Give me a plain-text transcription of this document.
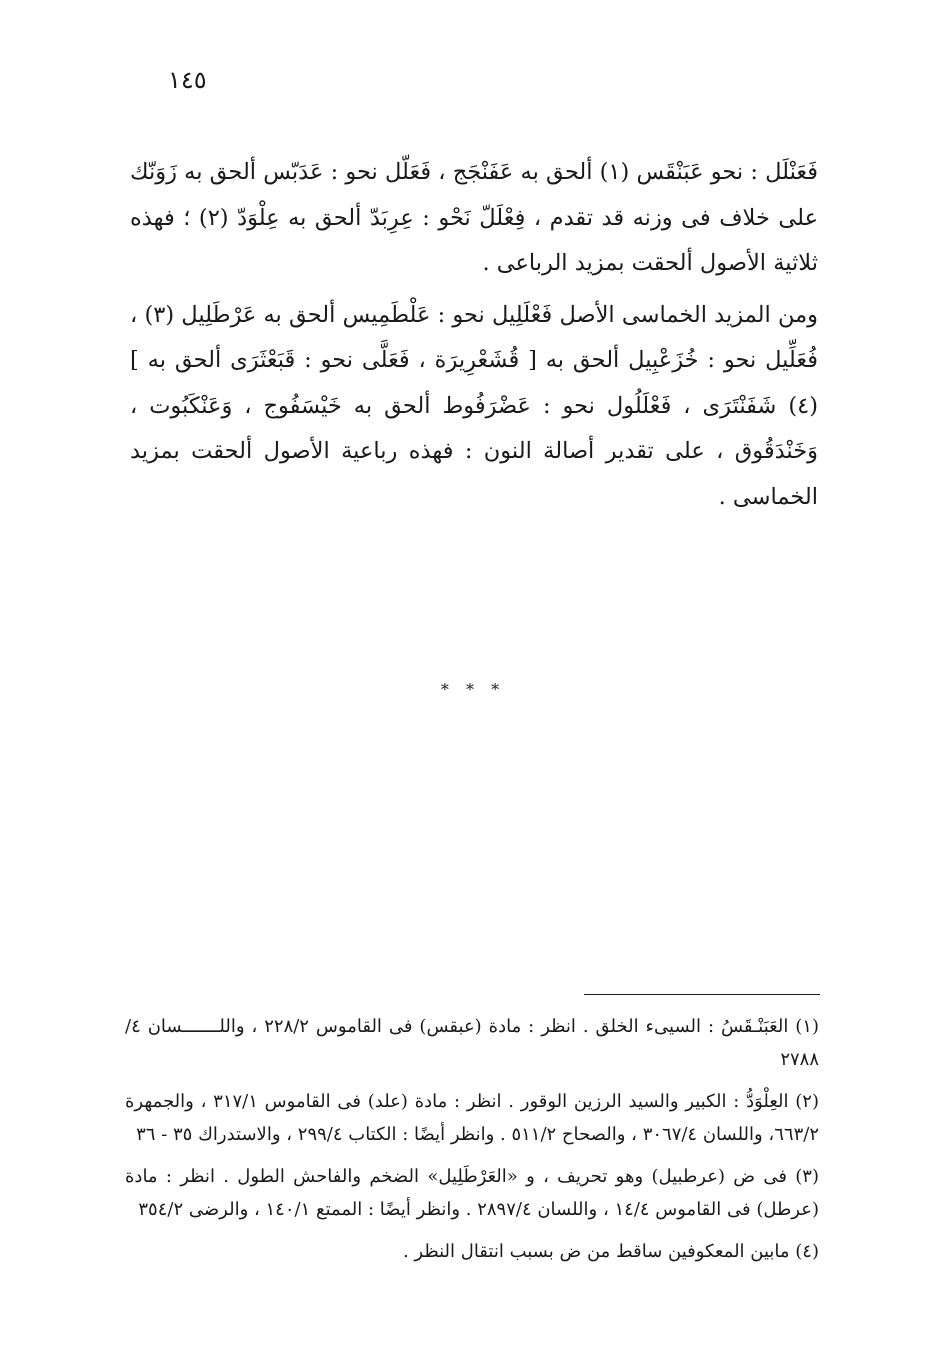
١٤٥

فَعَنْلَل : نحو عَبَنْقَس (١) ألحق به عَفَنْجَج ، فَعَلّل نحو : عَدَبّس ألحق به زَوَنّك على خلاف فى وزنه قد تقدم ، فِعْلَلّ نَحْو : عِرِبَدّ ألحق به عِلْوَدّ (٢) ؛ فهذه ثلاثية الأصول ألحقت بمزيد الرباعى .

ومن المزيد الخماسى الأصل فَعْلَلِيل نحو : عَلْطَمِيس ألحق به عَرْطَلِيل (٣) ، فُعَلِّيل نحو : خُزَعْبِيل ألحق به [ قُشَعْرِيرَة ، فَعَلَّى نحو : قَبَعْثَرَى ألحق به ] (٤) شَفَنْتَرَى ، فَعْلَلُول نحو : عَضْرَفُوط ألحق به خَيْسَفُوج ، وَعَنْكَبُوت ، وَخَنْدَقُوق ، على تقدير أصالة النون : فهذه رباعية الأصول ألحقت بمزيد الخماسى .

* * *

(١) العَبَنْـقَسُ : السيىء الخلق . انظر : مادة (عبقس) فى القاموس ٢٢٨/٢ ، واللـــــــسان ٤/ ٢٧٨٨

(٢) العِلْوَدُّ : الكبير والسيد الرزين الوقور . انظر : مادة (علد) فى القاموس ٣١٧/١ ، والجمهرة ٦٦٣/٢، واللسان ٣٠٦٧/٤ ، والصحاح ٥١١/٢ . وانظر أيضًا : الكتاب ٢٩٩/٤ ، والاستدراك ٣٥ - ٣٦

(٣) فى ض (عرطبيل) وهو تحريف ، و «العَرْطَلِيل» الضخم والفاحش الطول . انظر : مادة (عرطل) فى القاموس ١٤/٤ ، واللسان ٢٨٩٧/٤ . وانظر أيضًا : الممتع ١٤٠/١ ، والرضى ٣٥٤/٢

(٤) مابين المعكوفين ساقط من ض بسبب انتقال النظر .
